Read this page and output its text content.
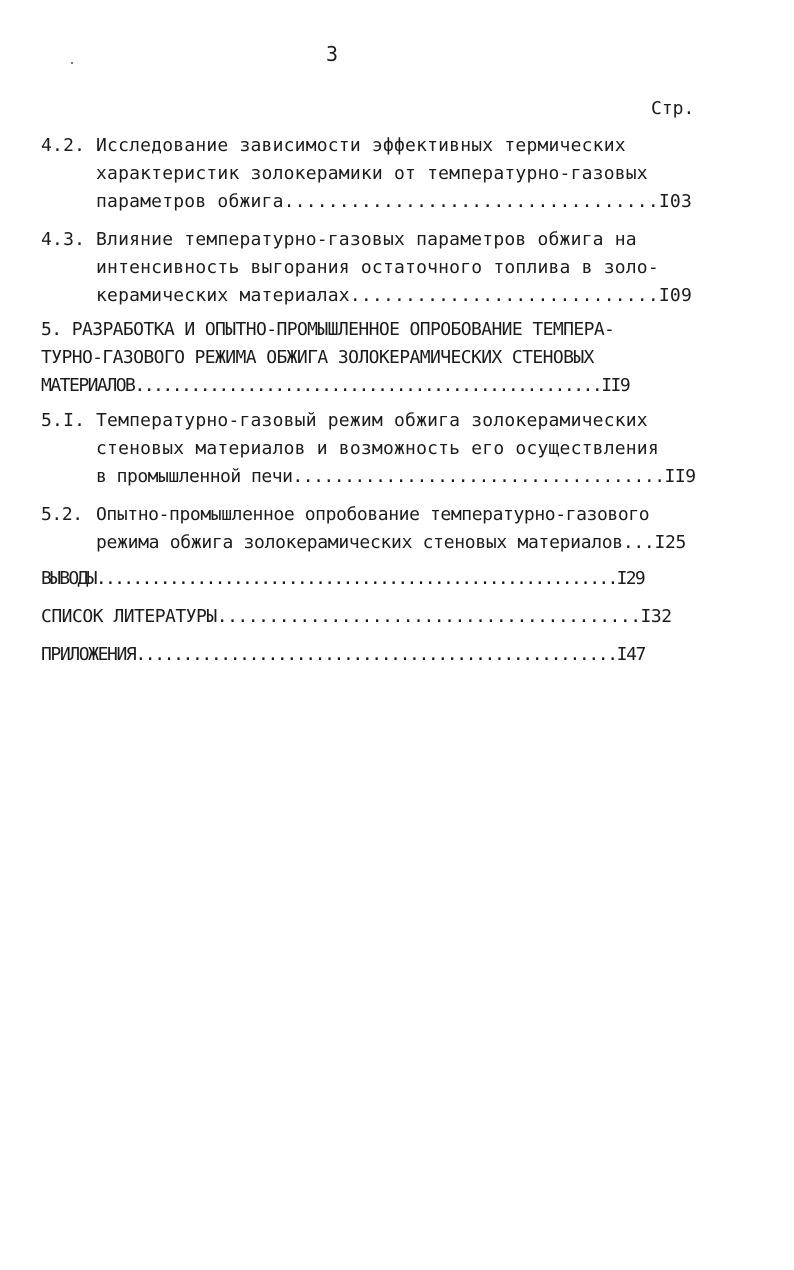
3
Стр.
4.2. Исследование зависимости эффективных термических
характеристик золокерамики от температурно-газовых
параметров обжига..................................I03
4.3. Влияние температурно-газовых параметров обжига на
интенсивность выгорания остаточного топлива в золо-
керамических материалах............................I09
5. РАЗРАБОТКА И ОПЫТНО-ПРОМЫШЛЕННОЕ ОПРОБОВАНИЕ ТЕМПЕРА-
ТУРНО-ГАЗОВОГО РЕЖИМА ОБЖИГА ЗОЛОКЕРАМИЧЕСКИХ СТЕНОВЫХ
МАТЕРИАЛОВ..................................................II9
5.I. Температурно-газовый режим обжига золокерамических
стеновых материалов и возможность его осуществления
в промышленной печи....................................II9
5.2. Опытно-промышленное опробование температурно-газового
режима обжига золокерамических стеновых материалов...I25
ВЫВОДЫ.........................................................I29
СПИСОК ЛИТЕРАТУРЫ.........................................I32
ПРИЛОЖЕНИЯ...................................................I47
